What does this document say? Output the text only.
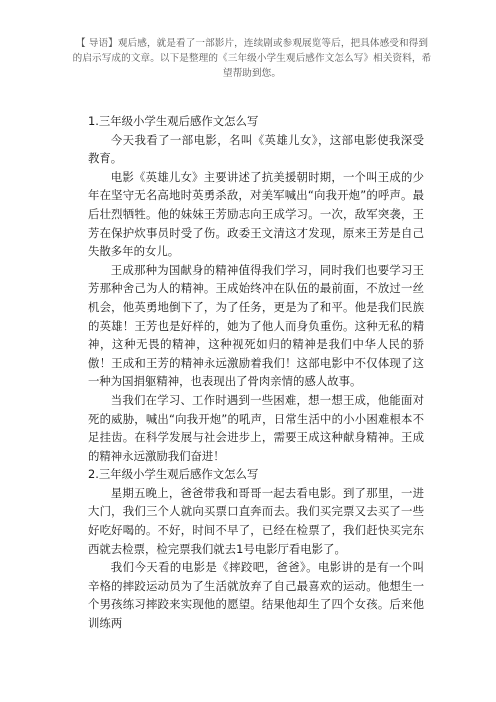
【 导语】观后感，就是看了一部影片，连续剧或参观展览等后，把具体感受和得到的启示写成的文章。以下是整理的《三年级小学生观后感作文怎么写》相关资料，希望帮助到您。

1.三年级小学生观后感作文怎么写

今天我看了一部电影，名叫《英雄儿女》，这部电影使我深受教育。

电影《英雄儿女》主要讲述了抗美援朝时期，一个叫王成的少年在坚守无名高地时英勇杀敌，对美军喊出“向我开炮”的呼声。最后壮烈牺牲。他的妹妹王芳励志向王成学习。一次，敌军突袭，王芳在保护炊事员时受了伤。政委王文清这才发现，原来王芳是自己失散多年的女儿。

王成那种为国献身的精神值得我们学习，同时我们也要学习王芳那种舍己为人的精神。王成始终冲在队伍的最前面，不放过一丝机会，他英勇地倒下了，为了任务，更是为了和平。他是我们民族的英雄！王芳也是好样的，她为了他人而身负重伤。这种无私的精神，这种无畏的精神，这种视死如归的精神是我们中华人民的骄傲！王成和王芳的精神永远激励着我们！这部电影中不仅体现了这一种为国捐躯精神，也表现出了骨肉亲情的感人故事。

当我们在学习、工作时遇到一些困难，想一想王成，他能面对死的威胁，喊出“向我开炮”的吼声，日常生活中的小小困难根本不足挂齿。在科学发展与社会进步上，需要王成这种献身精神。王成的精神永远激励我们奋进！

2.三年级小学生观后感作文怎么写

星期五晚上，爸爸带我和哥哥一起去看电影。到了那里，一进大门，我们三个人就向买票口直奔而去。我们买完票又去买了一些好吃好喝的。不好，时间不早了，已经在检票了，我们赶快买完东西就去检票，检完票我们就去1号电影厅看电影了。

我们今天看的电影是《摔跤吧，爸爸》。电影讲的是有一个叫辛格的摔跤运动员为了生活就放弃了自己最喜欢的运动。他想生一个男孩练习摔跤来实现他的愿望。结果他却生了四个女孩。后来他训练两
